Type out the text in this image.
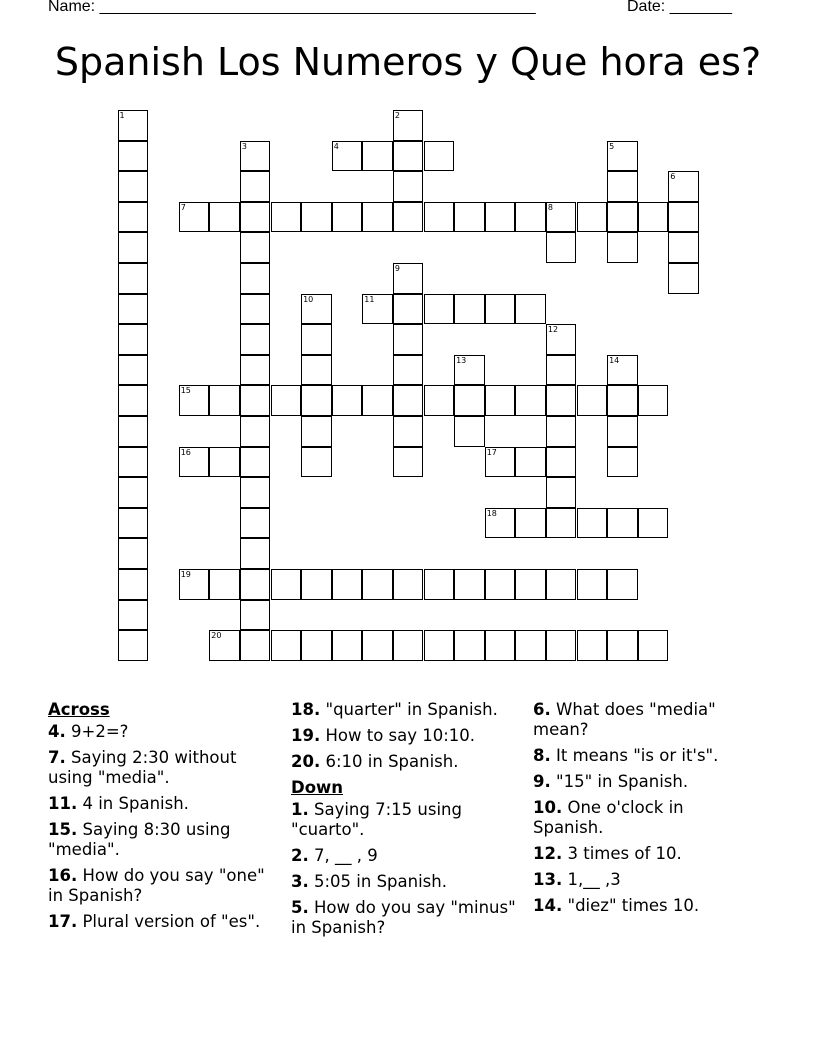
Name: _________________________________________________	Date: _______
Spanish Los Numeros y Que hora es?
4
7	8
11
15
16	17
18
19
20
1	2
3	5
6
9
10
12
13	14
Across
4. 9+2=?
7. Saying 2:30 without using "media".
11. 4 in Spanish.
15. Saying 8:30 using "media".
16. How do you say "one" in Spanish?
17. Plural version of "es".
18. "quarter" in Spanish.
19. How to say 10:10.
20. 6:10 in Spanish.
Down
1. Saying 7:15 using "cuarto".
2. 7, __ , 9
3. 5:05 in Spanish.
5. How do you say "minus" in Spanish?
6. What does "media" mean?
8. It means "is or it's".
9. "15" in Spanish.
10. One o'clock in Spanish.
12. 3 times of 10.
13. 1,__ ,3
14. "diez" times 10.
